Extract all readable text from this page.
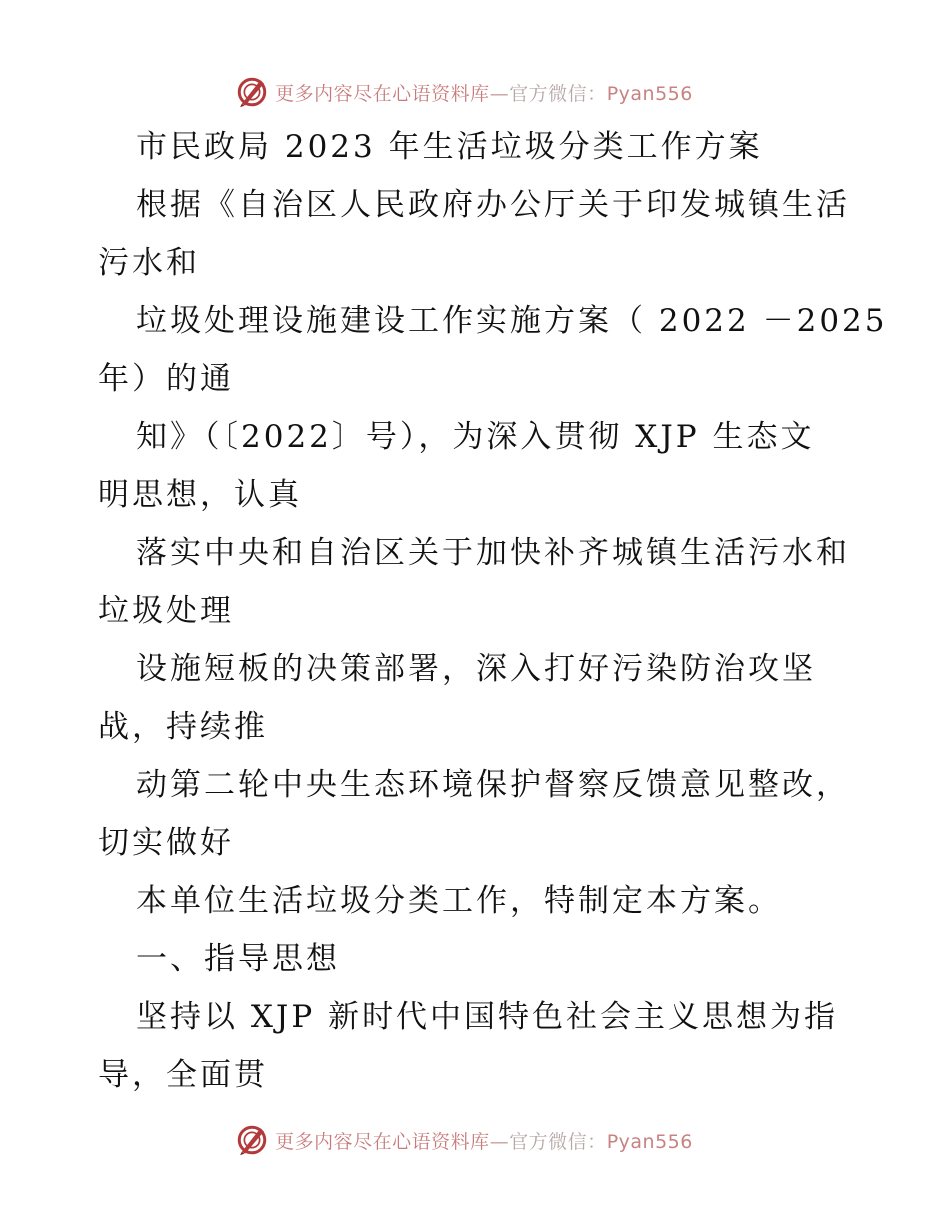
更多内容尽在心语资料库—官方微信：Pyan556
市民政局 2023 年生活垃圾分类工作方案
根据《自治区人民政府办公厅关于印发城镇生活
污水和
垃圾处理设施建设工作实施方案（ 2022 －2025
年）的通
知》（〔2022〕号），为深入贯彻 XJP 生态文
明思想，认真
落实中央和自治区关于加快补齐城镇生活污水和
垃圾处理
设施短板的决策部署，深入打好污染防治攻坚
战，持续推
动第二轮中央生态环境保护督察反馈意见整改，
切实做好
本单位生活垃圾分类工作，特制定本方案。
一、指导思想
坚持以 XJP 新时代中国特色社会主义思想为指
导，全面贯
更多内容尽在心语资料库—官方微信：Pyan556
